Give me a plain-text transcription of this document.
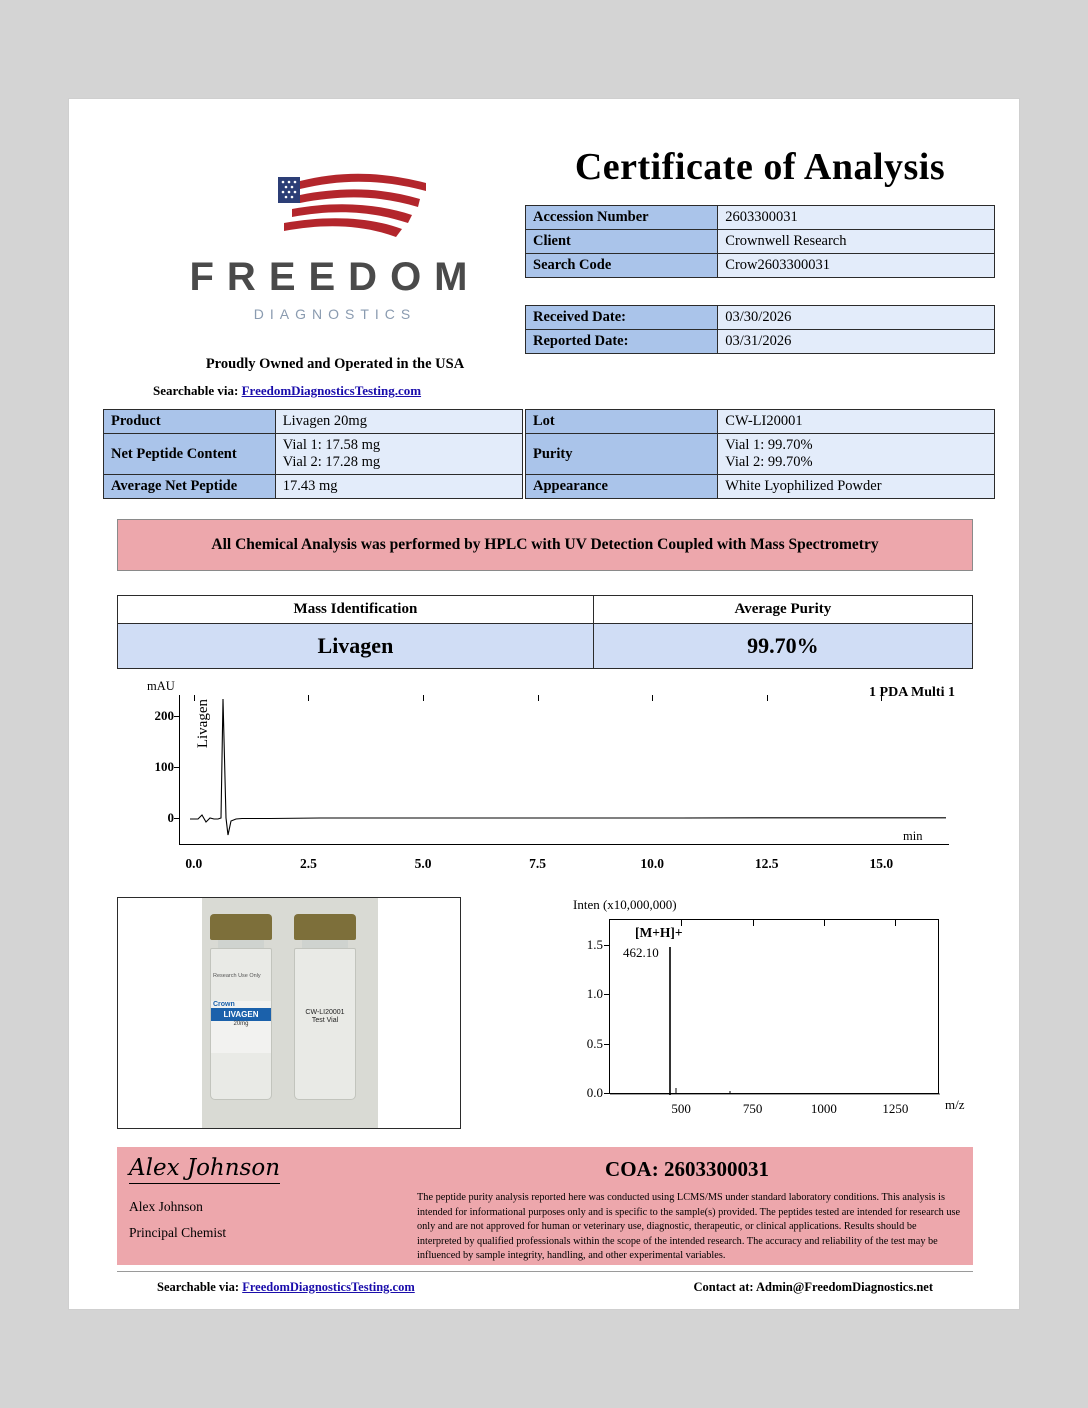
FREEDOM
DIAGNOSTICS
Proudly Owned and Operated in the USA
Searchable via: FreedomDiagnosticsTesting.com
Certificate of Analysis
Accession Number	2603300031
Client	Crownwell Research
Search Code	Crow2603300031
Received Date:	03/30/2026
Reported Date:	03/31/2026
Product	Livagen 20mg
Net Peptide Content	Vial 1: 17.58 mg
Vial 2: 17.28 mg

Average Net Peptide	17.43 mg
Lot	CW-LI20001
Purity	Vial 1: 99.70%
Vial 2: 99.70%

Appearance	White Lyophilized Powder
All Chemical Analysis was performed by HPLC with UV Detection Coupled with Mass Spectrometry
Mass Identification	Average Purity
Livagen	99.70%
mAU	1 PDA Multi 1
Livagen
0
100
200
0.0	2.5	5.0	7.5	10.0	12.5	15.0
min
Research Use Only
Crown
LIVAGEN
20mg
CW-LI20001
Test Vial
Inten (x10,000,000)
0.0
0.5
1.0
1.5
500	750	1000	1250
[M+H]+
462.10
m/z
Alex Johnson
Alex Johnson
Principal Chemist
COA: 2603300031
The peptide purity analysis reported here was conducted using LCMS/MS under standard laboratory conditions. This analysis is intended for informational purposes only and is specific to the sample(s) provided. The peptides tested are intended for research use only and are not approved for human or veterinary use, diagnostic, therapeutic, or clinical applications. Results should be interpreted by qualified professionals within the scope of the intended research. The accuracy and reliability of the test may be influenced by sample integrity, handling, and other experimental variables.
Searchable via: FreedomDiagnosticsTesting.com	Contact at: Admin@FreedomDiagnostics.net
